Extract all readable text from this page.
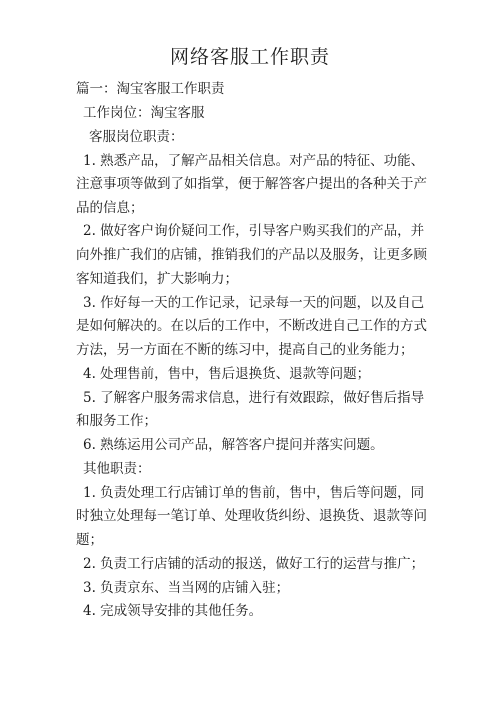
网络客服工作职责

篇一：淘宝客服工作职责

工作岗位：淘宝客服

客服岗位职责：

1. 熟悉产品，了解产品相关信息。对产品的特征、功能、

注意事项等做到了如指掌，便于解答客户提出的各种关于产

品的信息；

2. 做好客户询价疑问工作，引导客户购买我们的产品，并

向外推广我们的店铺，推销我们的产品以及服务，让更多顾

客知道我们，扩大影响力；

3. 作好每一天的工作记录，记录每一天的问题，以及自己

是如何解决的。在以后的工作中，不断改进自己工作的方式

方法，另一方面在不断的练习中，提高自己的业务能力；

4. 处理售前，售中，售后退换货、退款等问题；

5. 了解客户服务需求信息，进行有效跟踪，做好售后指导

和服务工作；

6. 熟练运用公司产品，解答客户提问并落实问题。

其他职责：

1. 负责处理工行店铺订单的售前，售中，售后等问题，同

时独立处理每一笔订单、处理收货纠纷、退换货、退款等问

题；

2. 负责工行店铺的活动的报送，做好工行的运营与推广；

3. 负责京东、当当网的店铺入驻；

4. 完成领导安排的其他任务。
